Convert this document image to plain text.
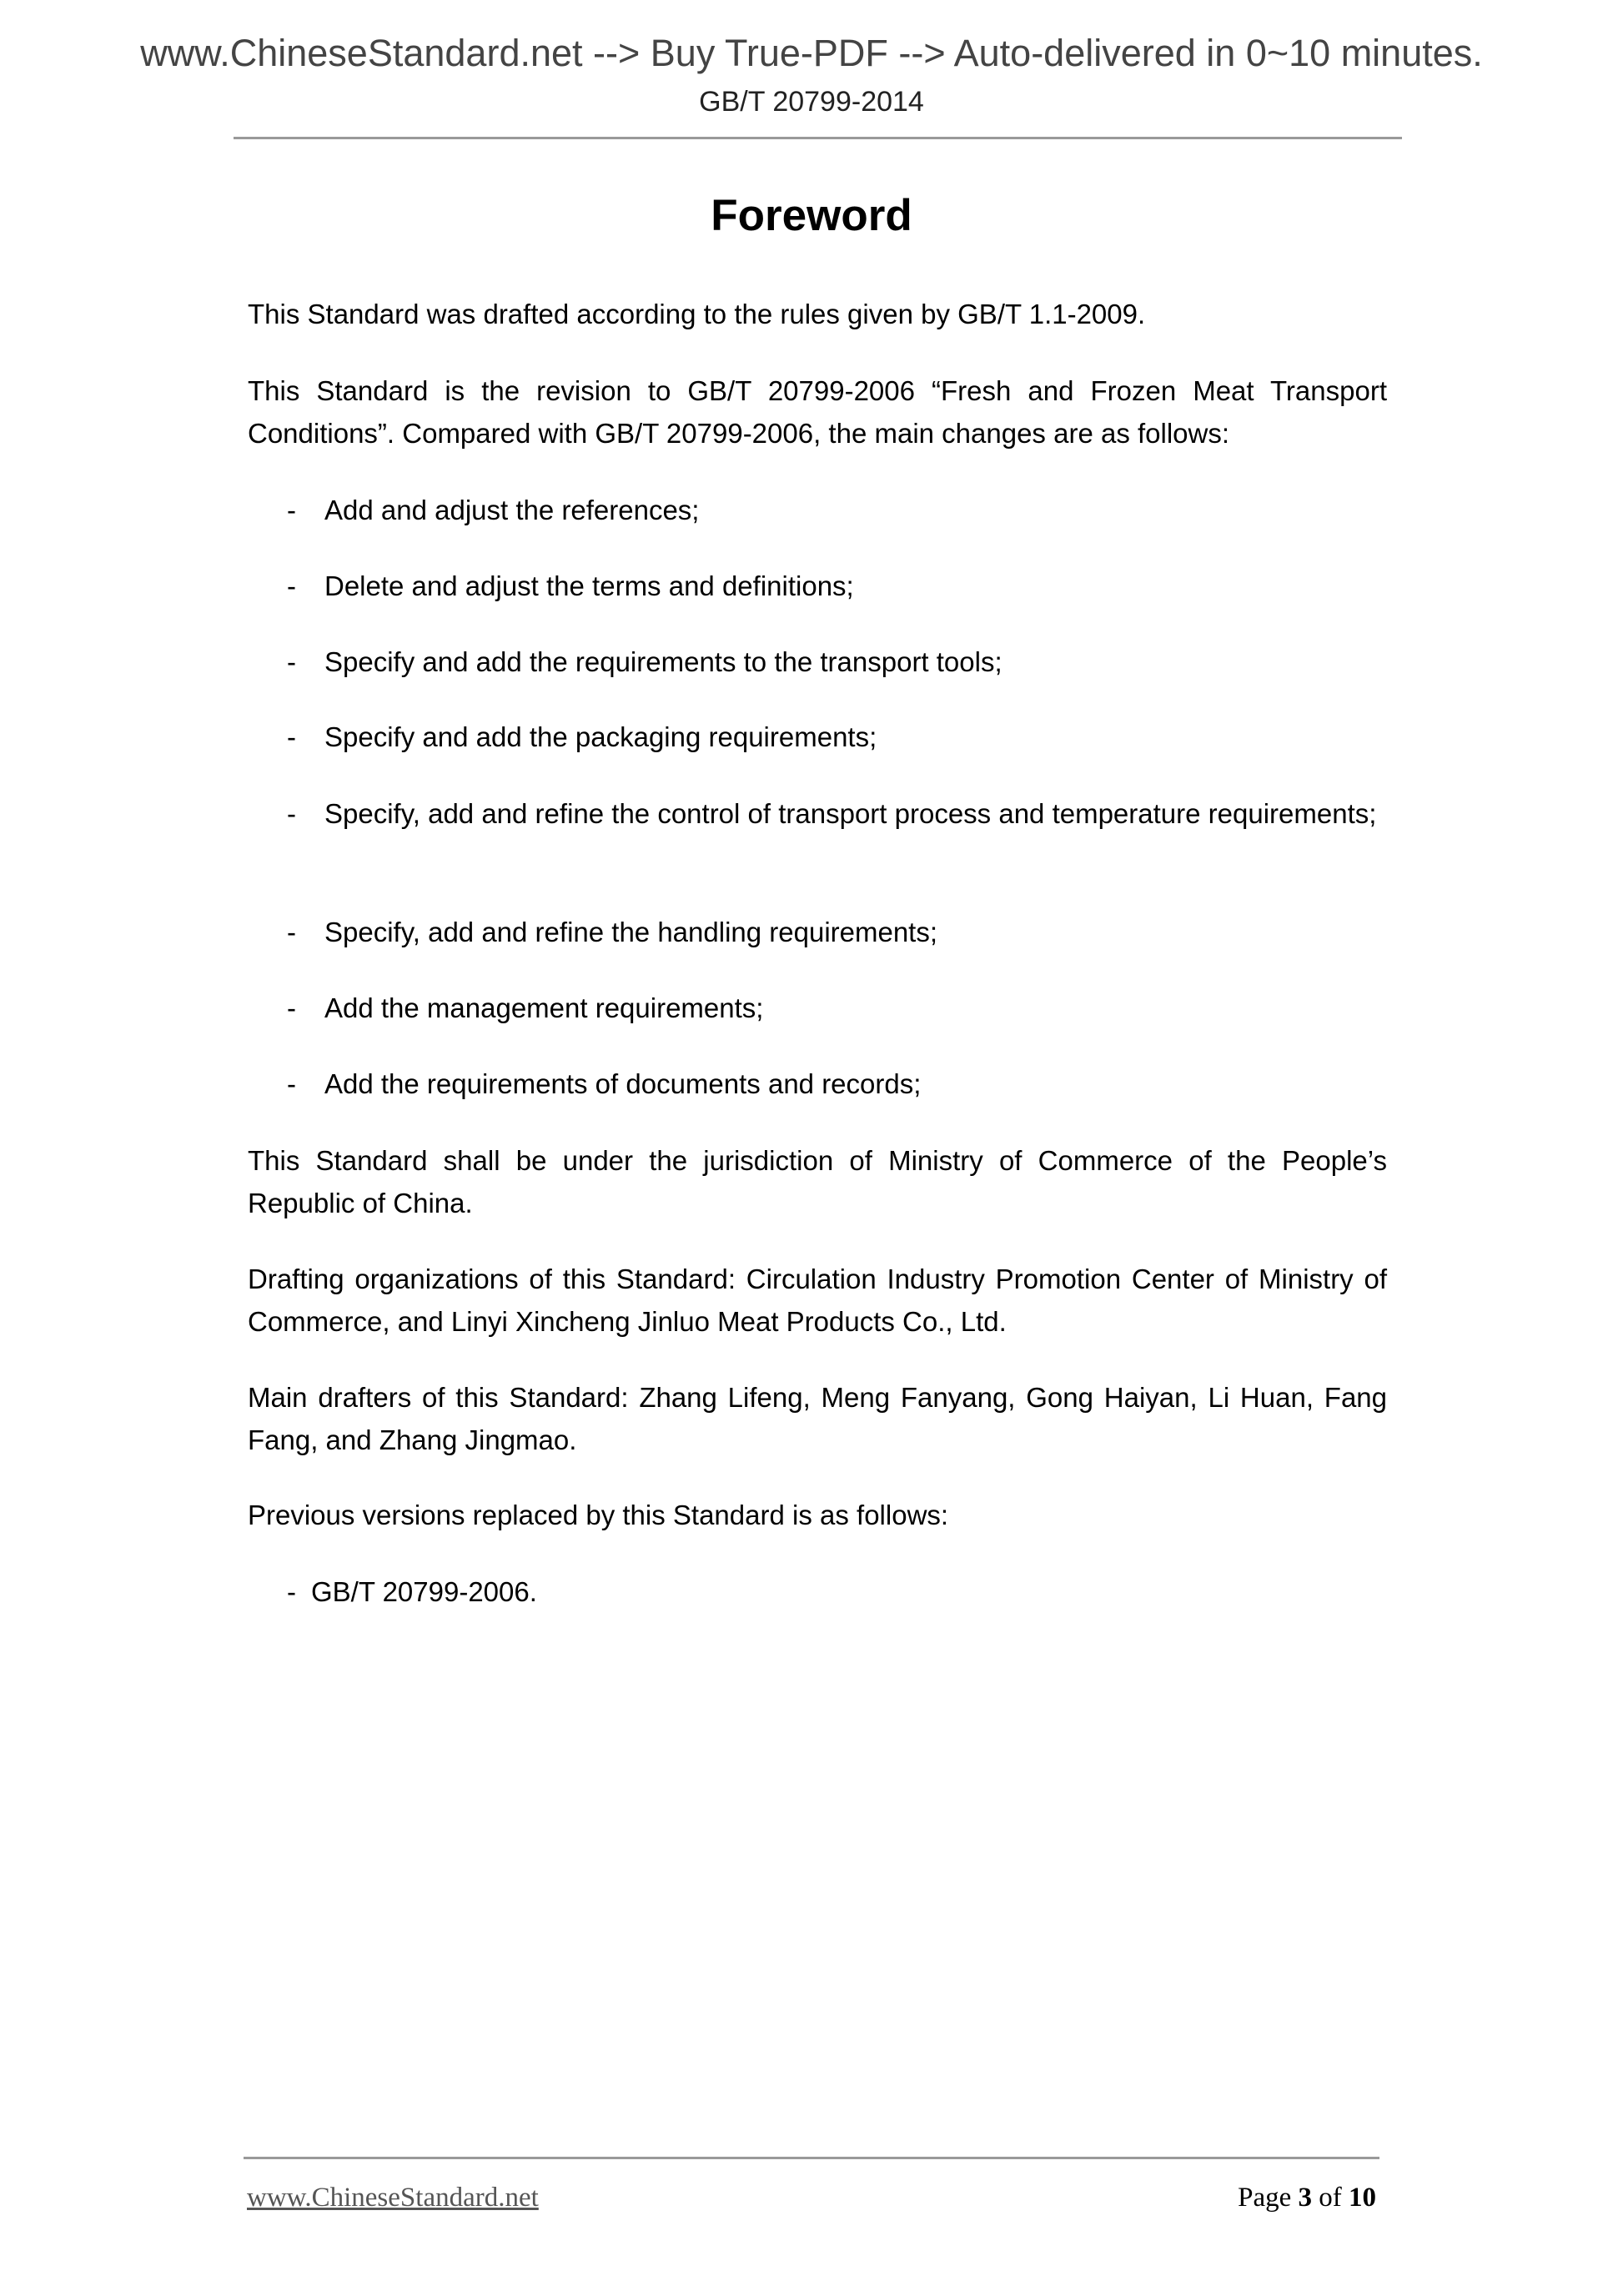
www.ChineseStandard.net --> Buy True-PDF --> Auto-delivered in 0~10 minutes.
GB/T 20799-2014
Foreword
This Standard was drafted according to the rules given by GB/T 1.1-2009.
This Standard is the revision to GB/T 20799-2006 “Fresh and Frozen Meat Transport Conditions”. Compared with GB/T 20799-2006, the main changes are as follows:
- Add and adjust the references;
- Delete and adjust the terms and definitions;
- Specify and add the requirements to the transport tools;
- Specify and add the packaging requirements;
- Specify, add and refine the control of transport process and temperature requirements;
- Specify, add and refine the handling requirements;
- Add the management requirements;
- Add the requirements of documents and records;
This Standard shall be under the jurisdiction of Ministry of Commerce of the People’s Republic of China.
Drafting organizations of this Standard: Circulation Industry Promotion Center of Ministry of Commerce, and Linyi Xincheng Jinluo Meat Products Co., Ltd.
Main drafters of this Standard: Zhang Lifeng, Meng Fanyang, Gong Haiyan, Li Huan, Fang Fang, and Zhang Jingmao.
Previous versions replaced by this Standard is as follows:
- GB/T 20799-2006.
www.ChineseStandard.net	Page 3 of 10
